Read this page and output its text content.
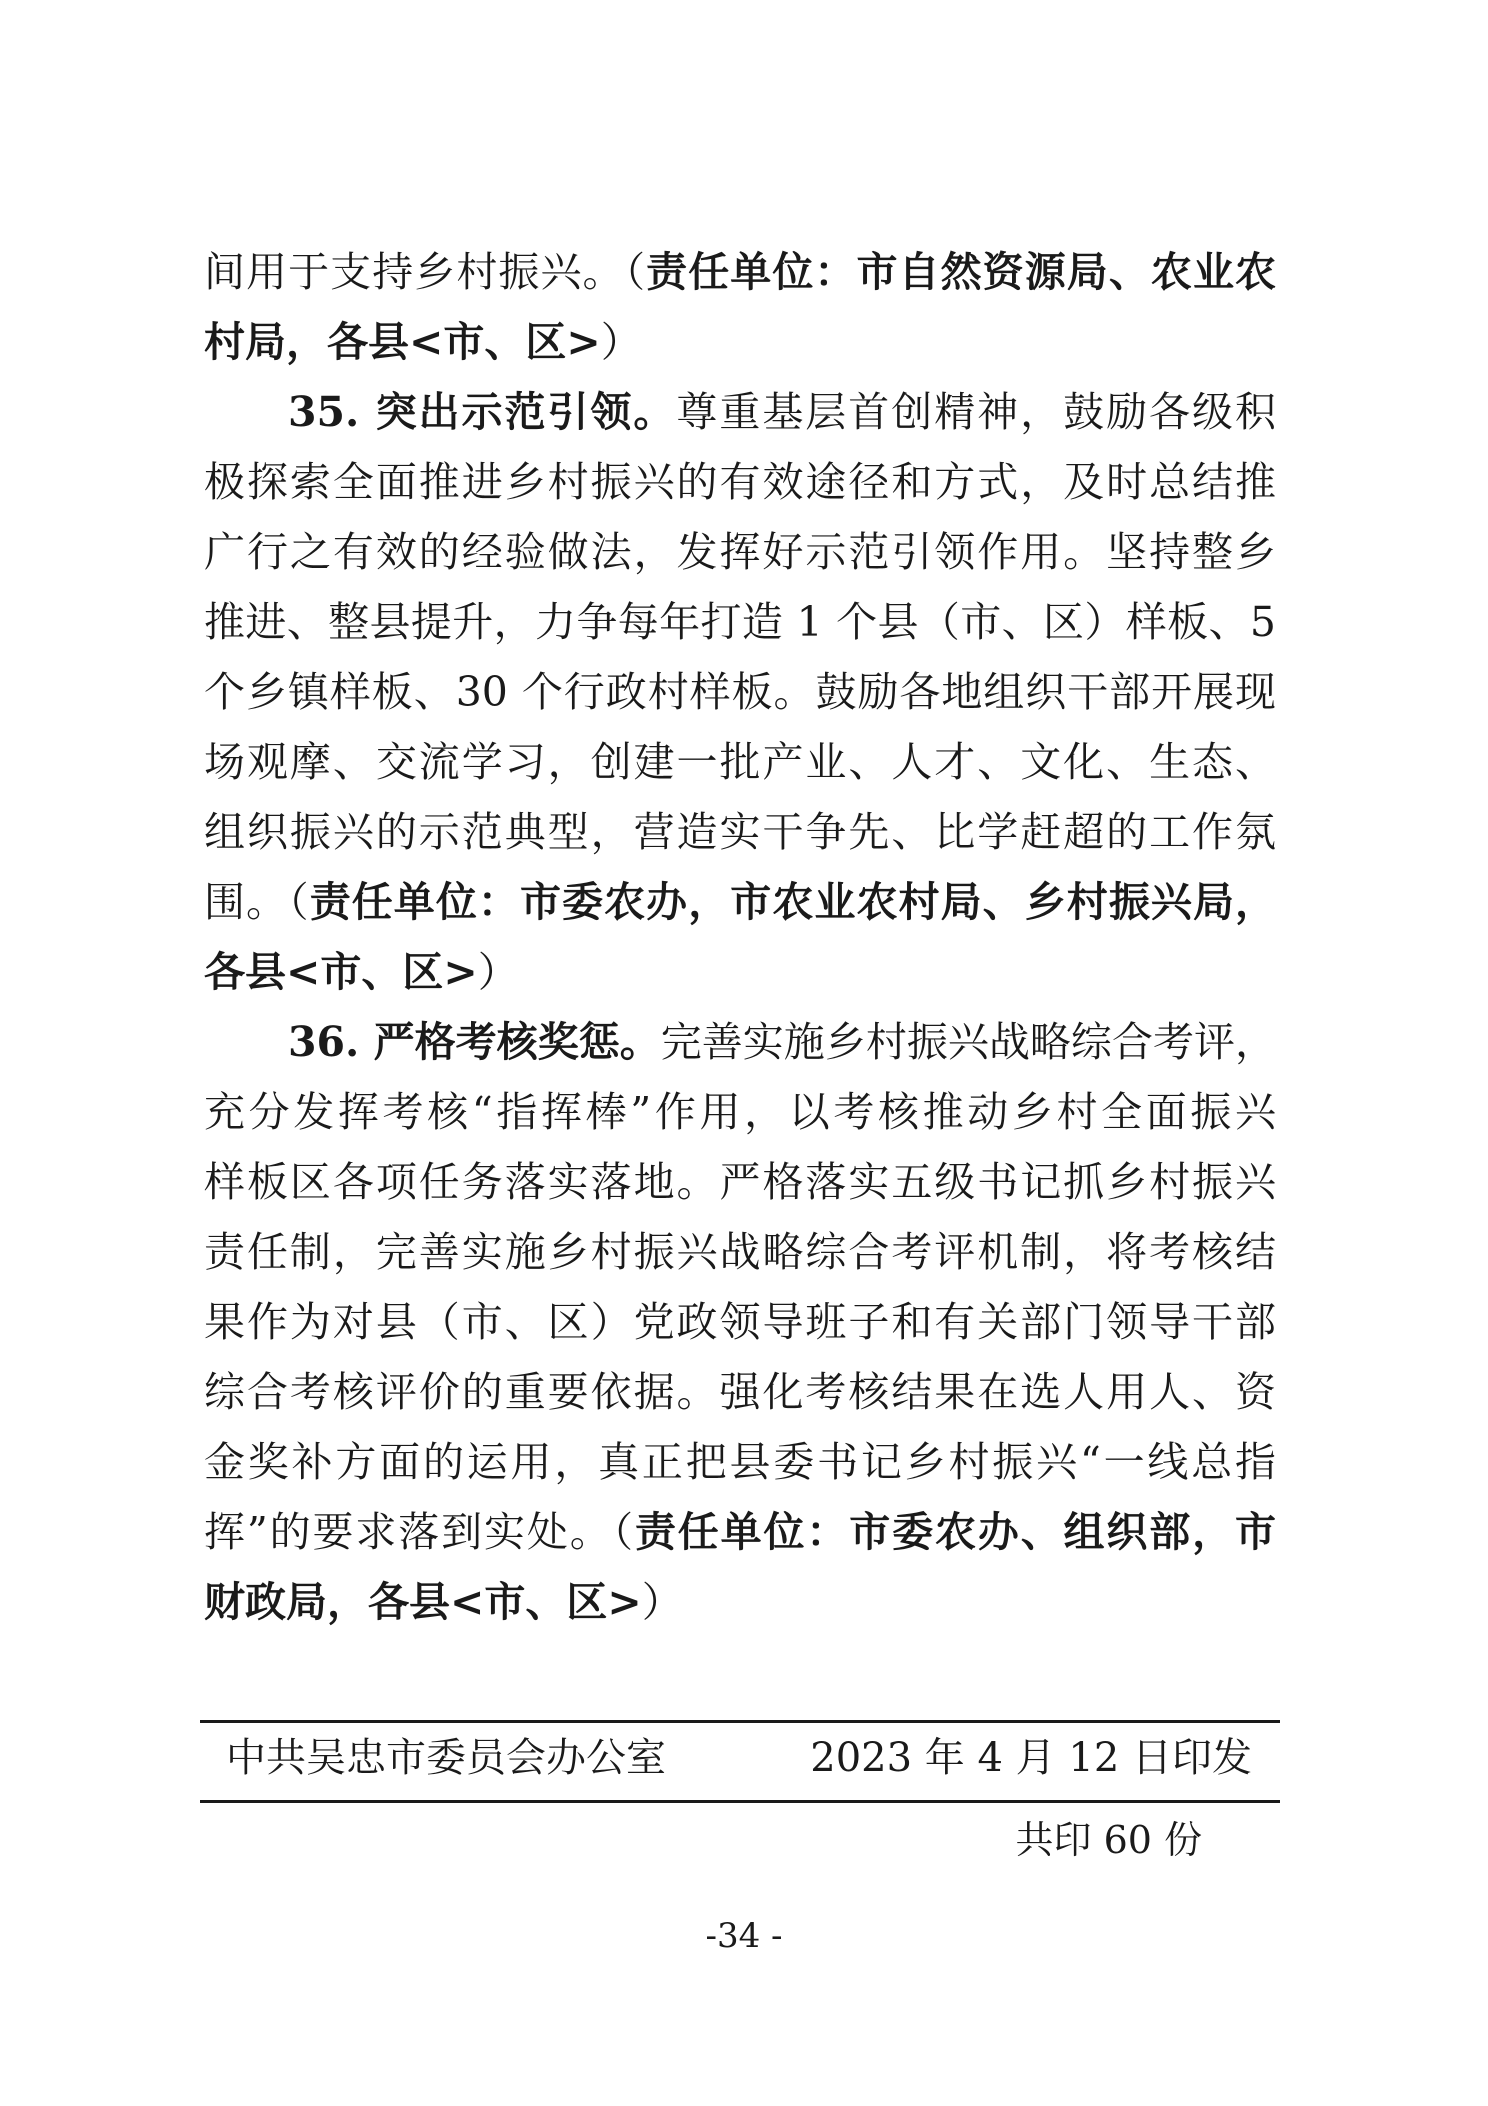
间用于支持乡村振兴。（责任单位：市自然资源局、农业农
村局，各县<市、区>）
35. 突出示范引领。尊重基层首创精神，鼓励各级积
极探索全面推进乡村振兴的有效途径和方式，及时总结推
广行之有效的经验做法，发挥好示范引领作用。坚持整乡
推进、整县提升，力争每年打造 1 个县（市、区）样板、5
个乡镇样板、30 个行政村样板。鼓励各地组织干部开展现
场观摩、交流学习，创建一批产业、人才、文化、生态、
组织振兴的示范典型，营造实干争先、比学赶超的工作氛
围。（责任单位：市委农办，市农业农村局、乡村振兴局，
各县<市、区>）
36. 严格考核奖惩。完善实施乡村振兴战略综合考评，
充分发挥考核“指挥棒”作用，以考核推动乡村全面振兴
样板区各项任务落实落地。严格落实五级书记抓乡村振兴
责任制，完善实施乡村振兴战略综合考评机制，将考核结
果作为对县（市、区）党政领导班子和有关部门领导干部
综合考核评价的重要依据。强化考核结果在选人用人、资
金奖补方面的运用，真正把县委书记乡村振兴“一线总指
挥”的要求落到实处。（责任单位：市委农办、组织部，市
财政局，各县<市、区>）
中共吴忠市委员会办公室	2023 年 4 月 12 日印发
共印 60 份
-34 -
